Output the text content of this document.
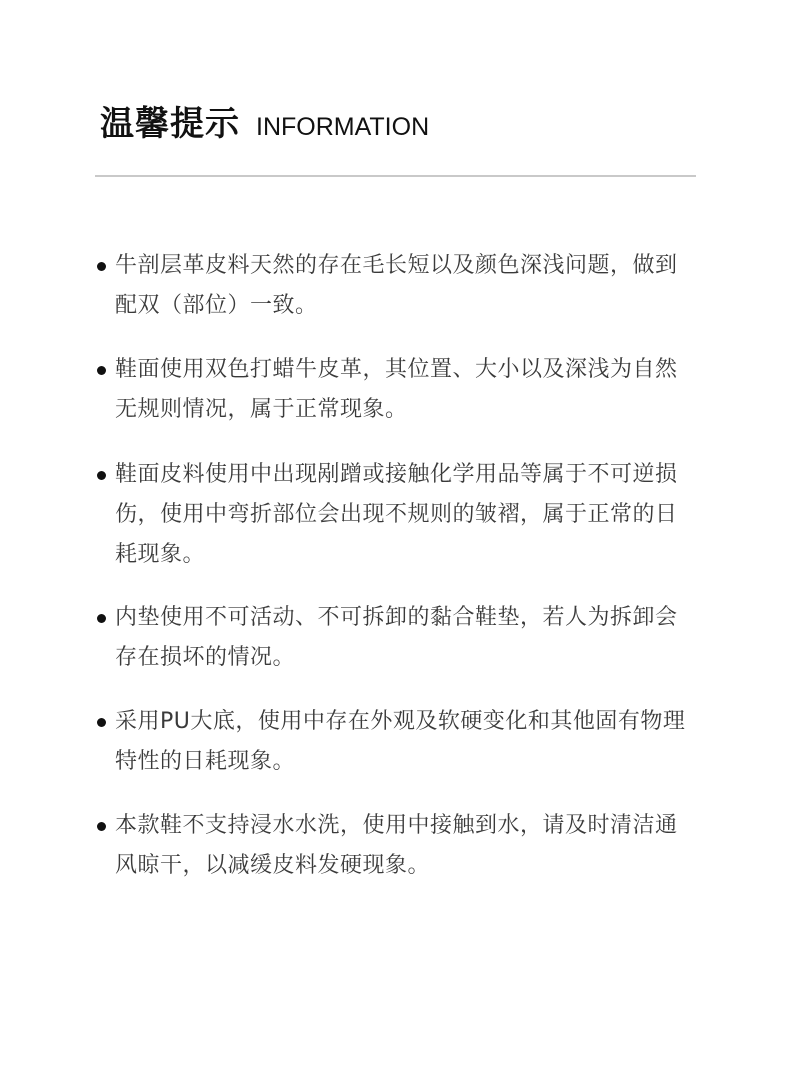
温馨提示 INFORMATION
牛剖层革皮料天然的存在毛长短以及颜色深浅问题，做到配双（部位）一致。
鞋面使用双色打蜡牛皮革，其位置、大小以及深浅为自然无规则情况，属于正常现象。
鞋面皮料使用中出现剐蹭或接触化学用品等属于不可逆损伤，使用中弯折部位会出现不规则的皱褶，属于正常的日耗现象。
内垫使用不可活动、不可拆卸的黏合鞋垫，若人为拆卸会存在损坏的情况。
采用PU大底，使用中存在外观及软硬变化和其他固有物理特性的日耗现象。
本款鞋不支持浸水水洗，使用中接触到水，请及时清洁通风晾干，以减缓皮料发硬现象。
